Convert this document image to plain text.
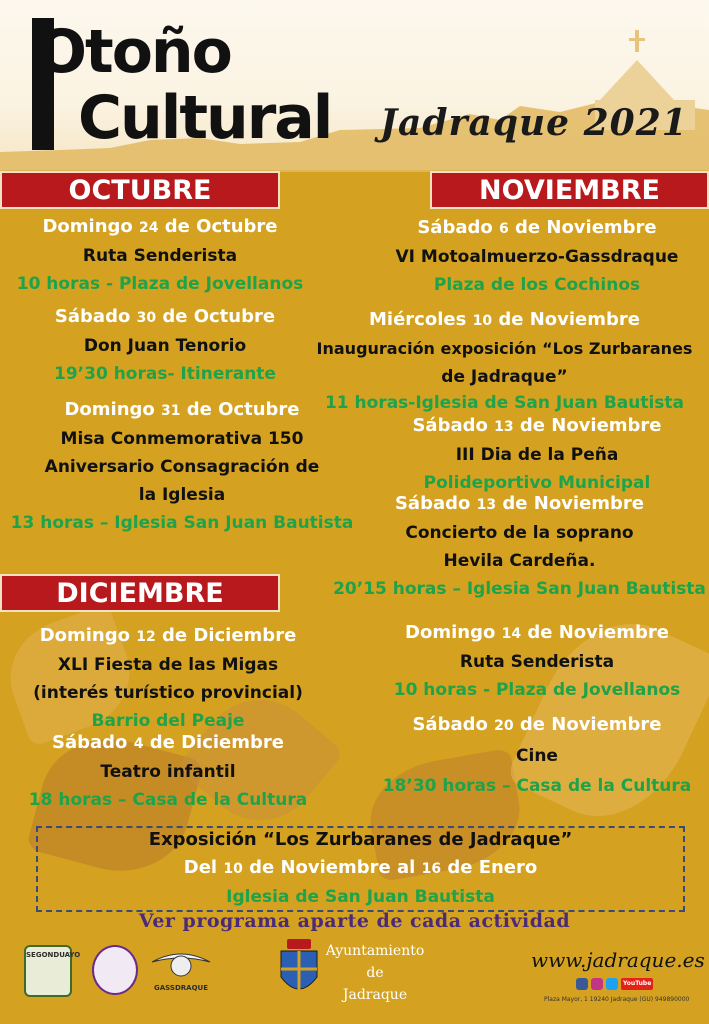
Otoño
Cultural Jadraque 2021
OCTUBRE	NOVIEMBRE
DICIEMBRE
Domingo 24 de Octubre
Ruta Senderista
10 horas - Plaza de Jovellanos
Sábado 30 de Octubre
Don Juan Tenorio
19’30 horas- Itinerante
Domingo 31 de Octubre
Misa Conmemorativa 150
Aniversario Consagración de
la Iglesia
13 horas – Iglesia San Juan Bautista
Domingo 12 de Diciembre
XLI Fiesta de las Migas
(interés turístico provincial)
Barrio del Peaje
Sábado 4 de Diciembre
Teatro infantil
18 horas – Casa de la Cultura
Sábado 6 de Noviembre
VI Motoalmuerzo-Gassdraque
Plaza de los Cochinos
Miércoles 10 de Noviembre
Inauguración exposición “Los Zurbaranes
de Jadraque”
11 horas-Iglesia de San Juan Bautista
Sábado 13 de Noviembre
III Dia de la Peña
Polideportivo Municipal
Sábado 13 de Noviembre
Concierto de la soprano
Hevila Cardeña.
20’15 horas – Iglesia San Juan Bautista
Domingo 14 de Noviembre
Ruta Senderista
10 horas - Plaza de Jovellanos
Sábado 20 de Noviembre
Cine
18’30 horas – Casa de la Cultura
Exposición “Los Zurbaranes de Jadraque”
Del 10 de Noviembre al 16 de Enero
Iglesia de San Juan Bautista
Ver programa aparte de cada actividad
SEGONDUAYO
GASSDRAQUE
Ayuntamiento
de
Jadraque
www.jadraque.es
YouTube
Plaza Mayor, 1 19240 Jadraque (GU) 949890000
